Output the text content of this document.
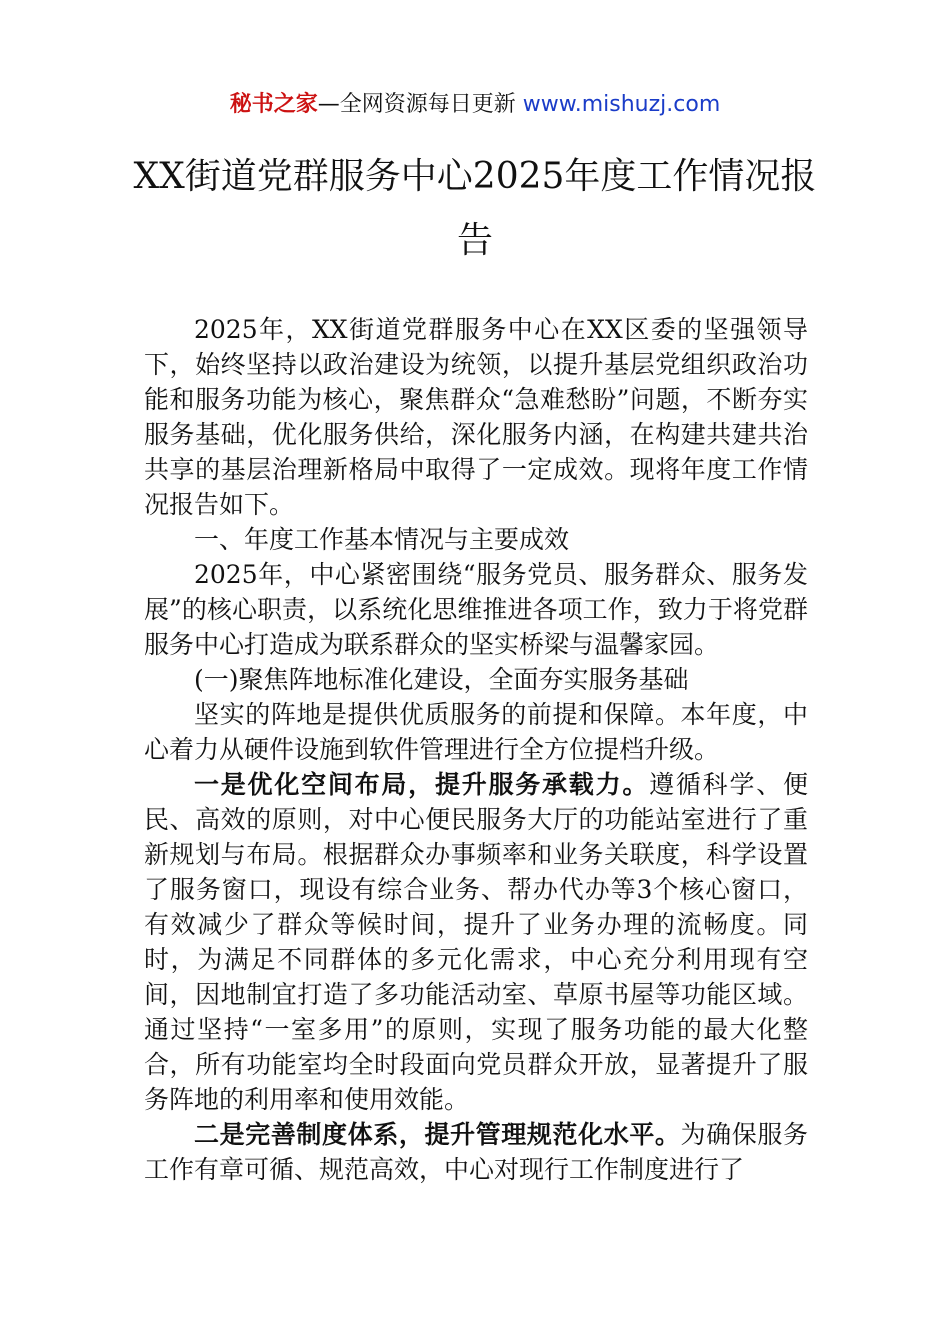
秘书之家—全网资源每日更新 www.mishuzj.com
XX街道党群服务中心2025年度工作情况报告

2025年，XX街道党群服务中心在XX区委的坚强领导下，始终坚持以政治建设为统领，以提升基层党组织政治功能和服务功能为核心，聚焦群众“急难愁盼”问题，不断夯实服务基础，优化服务供给，深化服务内涵，在构建共建共治共享的基层治理新格局中取得了一定成效。现将年度工作情况报告如下。

一、年度工作基本情况与主要成效

2025年，中心紧密围绕“服务党员、服务群众、服务发展”的核心职责，以系统化思维推进各项工作，致力于将党群服务中心打造成为联系群众的坚实桥梁与温馨家园。

(一)聚焦阵地标准化建设，全面夯实服务基础

坚实的阵地是提供优质服务的前提和保障。本年度，中心着力从硬件设施到软件管理进行全方位提档升级。

一是优化空间布局，提升服务承载力。遵循科学、便民、高效的原则，对中心便民服务大厅的功能站室进行了重新规划与布局。根据群众办事频率和业务关联度，科学设置了服务窗口，现设有综合业务、帮办代办等3个核心窗口，有效减少了群众等候时间，提升了业务办理的流畅度。同时，为满足不同群体的多元化需求，中心充分利用现有空间，因地制宜打造了多功能活动室、草原书屋等功能区域。通过坚持“一室多用”的原则，实现了服务功能的最大化整合，所有功能室均全时段面向党员群众开放，显著提升了服务阵地的利用率和使用效能。

二是完善制度体系，提升管理规范化水平。为确保服务工作有章可循、规范高效，中心对现行工作制度进行了
